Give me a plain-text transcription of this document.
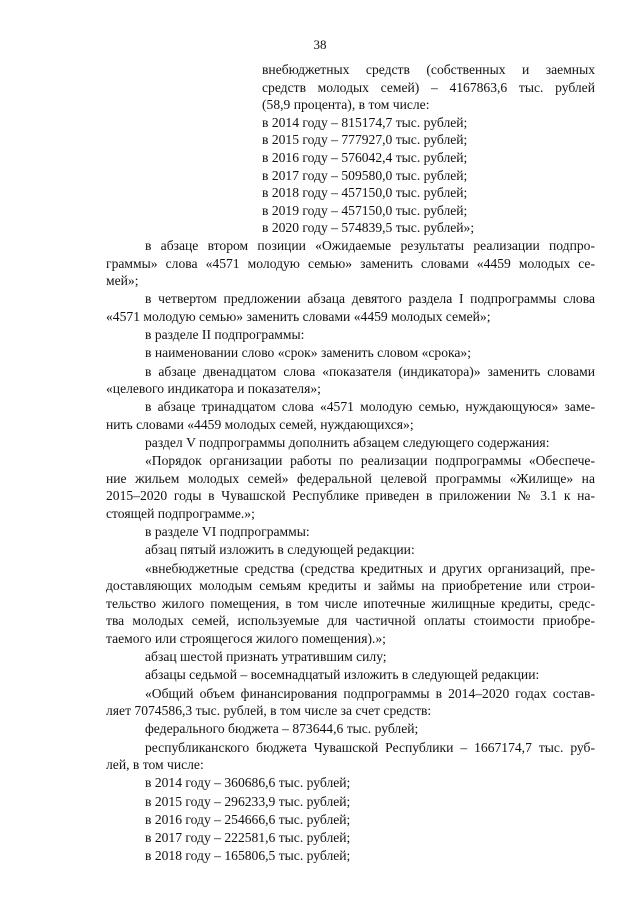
38
внебюджетных средств (собственных и заемных
средств молодых семей) – 4167863,6 тыс. рублей
(58,9 процента), в том числе:
в 2014 году – 815174,7 тыс. рублей;
в 2015 году – 777927,0 тыс. рублей;
в 2016 году – 576042,4 тыс. рублей;
в 2017 году – 509580,0 тыс. рублей;
в 2018 году – 457150,0 тыс. рублей;
в 2019 году – 457150,0 тыс. рублей;
в 2020 году – 574839,5 тыс. рублей»;
в абзаце втором позиции «Ожидаемые результаты реализации подпро-
граммы» слова «4571 молодую семью» заменить словами «4459 молодых се-
мей»;
в четвертом предложении абзаца девятого раздела I подпрограммы слова
«4571 молодую семью» заменить словами «4459 молодых семей»;
в разделе II подпрограммы:
в наименовании слово «срок» заменить словом «срока»;
в абзаце двенадцатом слова «показателя (индикатора)» заменить словами
«целевого индикатора и показателя»;
в абзаце тринадцатом слова «4571 молодую семью, нуждающуюся» заме-
нить словами «4459 молодых семей, нуждающихся»;
раздел V подпрограммы дополнить абзацем следующего содержания:
«Порядок организации работы по реализации подпрограммы «Обеспече-
ние жильем молодых семей» федеральной целевой программы «Жилище» на
2015–2020 годы в Чувашской Республике приведен в приложении № 3.1 к на-
стоящей подпрограмме.»;
в разделе VI подпрограммы:
абзац пятый изложить в следующей редакции:
«внебюджетные средства (средства кредитных и других организаций, пре-
доставляющих молодым семьям кредиты и займы на приобретение или строи-
тельство жилого помещения, в том числе ипотечные жилищные кредиты, средс-
тва молодых семей, используемые для частичной оплаты стоимости приобре-
таемого или строящегося жилого помещения).»;
абзац шестой признать утратившим силу;
абзацы седьмой – восемнадцатый изложить в следующей редакции:
«Общий объем финансирования подпрограммы в 2014–2020 годах состав-
ляет 7074586,3 тыс. рублей, в том числе за счет средств:
федерального бюджета – 873644,6 тыс. рублей;
республиканского бюджета Чувашской Республики – 1667174,7 тыс. руб-
лей, в том числе:
в 2014 году – 360686,6 тыс. рублей;
в 2015 году – 296233,9 тыс. рублей;
в 2016 году – 254666,6 тыс. рублей;
в 2017 году – 222581,6 тыс. рублей;
в 2018 году – 165806,5 тыс. рублей;
